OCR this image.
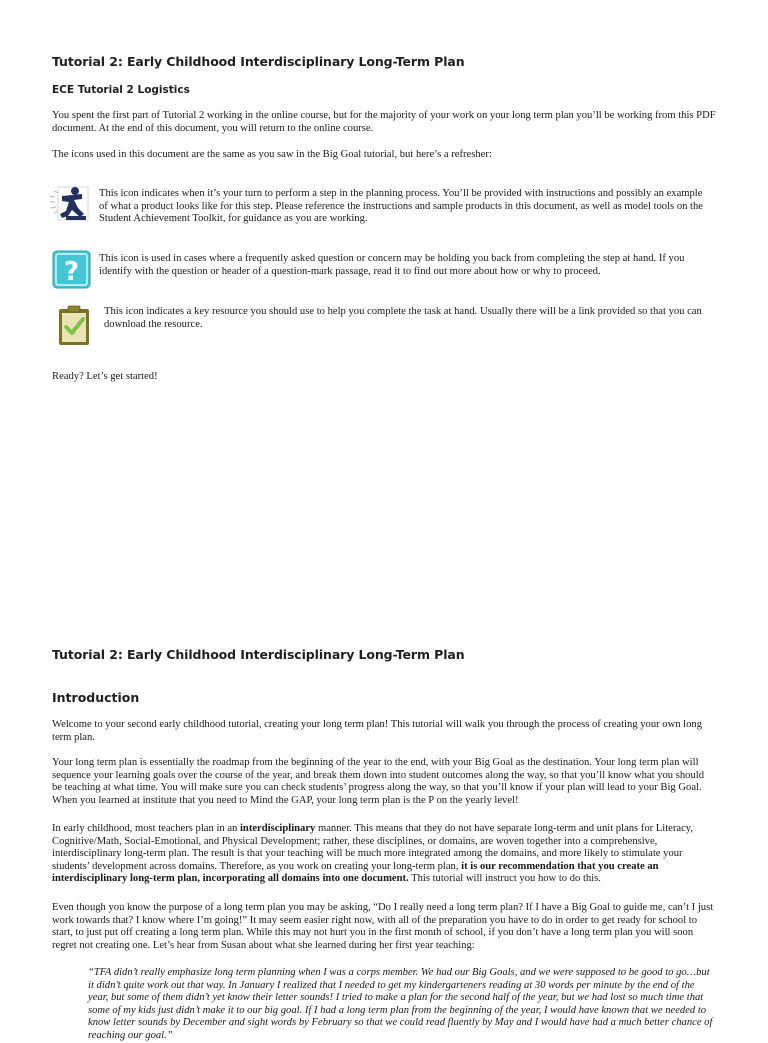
Tutorial 2: Early Childhood Interdisciplinary Long-Term Plan
ECE Tutorial 2 Logistics

You spent the first part of Tutorial 2 working in the online course, but for the majority of your work on your long term plan you’ll be working from this PDF document. At the end of this document, you will return to the online course.

The icons used in this document are the same as you saw in the Big Goal tutorial, but here’s a refresher:

This icon indicates when it’s your turn to perform a step in the planning process. You’ll be provided with instructions and possibly an example of what a product looks like for this step. Please reference the instructions and sample products in this document, as well as model tools on the Student Achievement Toolkit, for guidance as you are working.

? This icon is used in cases where a frequently asked question or concern may be holding you back from completing the step at hand. If you identify with the question or header of a question-mark passage, read it to find out more about how or why to proceed.

This icon indicates a key resource you should use to help you complete the task at hand. Usually there will be a link provided so that you can download the resource.

Ready? Let’s get started!

Tutorial 2: Early Childhood Interdisciplinary Long-Term Plan
Introduction

Welcome to your second early childhood tutorial, creating your long term plan! This tutorial will walk you through the process of creating your own long term plan.

Your long term plan is essentially the roadmap from the beginning of the year to the end, with your Big Goal as the destination. Your long term plan will sequence your learning goals over the course of the year, and break them down into student outcomes along the way, so that you’ll know what you should be teaching at what time. You will make sure you can check students’ progress along the way, so that you’ll know if your plan will lead to your Big Goal. When you learned at institute that you need to Mind the GAP, your long term plan is the P on the yearly level!

In early childhood, most teachers plan in an interdisciplinary manner. This means that they do not have separate long-term and unit plans for Literacy, Cognitive/Math, Social-Emotional, and Physical Development; rather, these disciplines, or domains, are woven together into a comprehensive, interdisciplinary long-term plan. The result is that your teaching will be much more integrated among the domains, and more likely to stimulate your students’ development across domains. Therefore, as you work on creating your long-term plan, it is our recommendation that you create an interdisciplinary long-term plan, incorporating all domains into one document. This tutorial will instruct you how to do this.

Even though you know the purpose of a long term plan you may be asking, “Do I really need a long term plan? If I have a Big Goal to guide me, can’t I just work towards that? I know where I’m going!” It may seem easier right now, with all of the preparation you have to do in order to get ready for school to start, to just put off creating a long term plan. While this may not hurt you in the first month of school, if you don’t have a long term plan you will soon regret not creating one. Let’s hear from Susan about what she learned during her first year teaching:

“TFA didn’t really emphasize long term planning when I was a corps member. We had our Big Goals, and we were supposed to be good to go…but it didn’t quite work out that way. In January I realized that I needed to get my kindergarteners reading at 30 words per minute by the end of the year, but some of them didn’t yet know their letter sounds! I tried to make a plan for the second half of the year, but we had lost so much time that some of my kids just didn’t make it to our big goal. If I had a long term plan from the beginning of the year, I would have known that we needed to know letter sounds by December and sight words by February so that we could read fluently by May and I would have had a much better chance of reaching our goal.”
